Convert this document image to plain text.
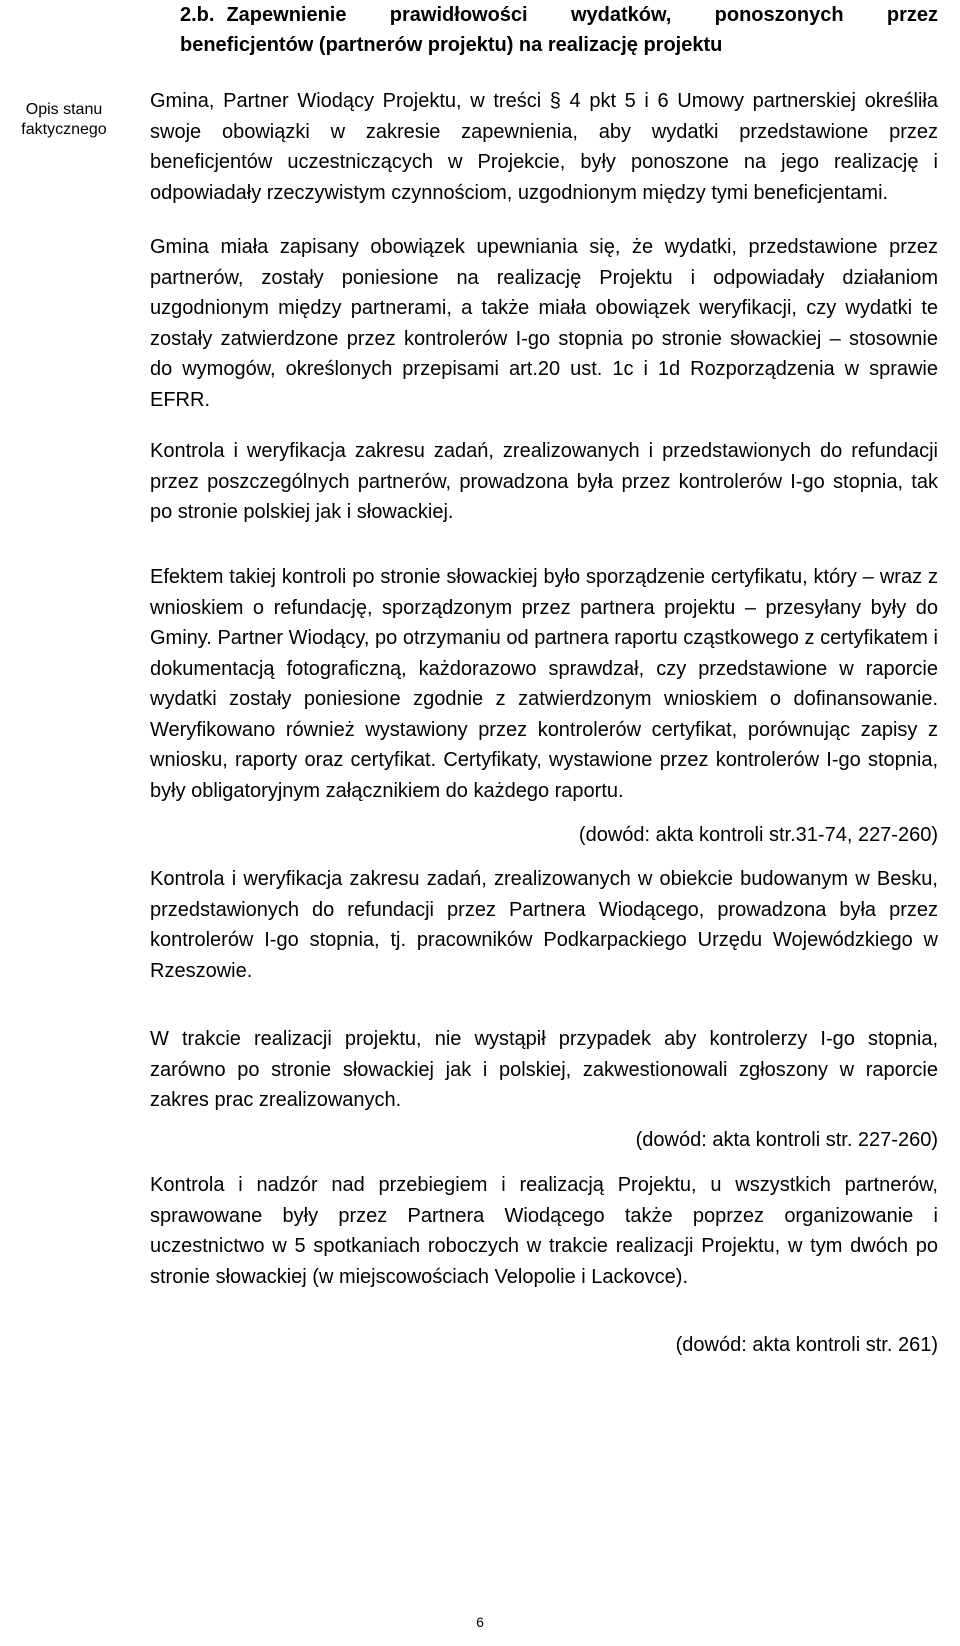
2.b. Zapewnienie prawidłowości wydatków, ponoszonych przez
beneficjentów (partnerów projektu) na realizację projektu
Opis stanu
faktycznego

Gmina, Partner Wiodący Projektu, w treści § 4 pkt 5 i 6 Umowy partnerskiej określiła swoje obowiązki w zakresie zapewnienia, aby wydatki przedstawione przez beneficjentów uczestniczących w Projekcie, były ponoszone na jego realizację i odpowiadały rzeczywistym czynnościom, uzgodnionym między tymi beneficjentami.

Gmina miała zapisany obowiązek upewniania się, że wydatki, przedstawione przez partnerów, zostały poniesione na realizację Projektu i odpowiadały działaniom uzgodnionym między partnerami, a także miała obowiązek weryfikacji, czy wydatki te zostały zatwierdzone przez kontrolerów I-go stopnia po stronie słowackiej – stosownie do wymogów, określonych przepisami art.20 ust. 1c i 1d Rozporządzenia w sprawie EFRR.

Kontrola i weryfikacja zakresu zadań, zrealizowanych i przedstawionych do refundacji przez poszczególnych partnerów, prowadzona była przez kontrolerów I-go stopnia, tak po stronie polskiej jak i słowackiej.

Efektem takiej kontroli po stronie słowackiej było sporządzenie certyfikatu, który – wraz z wnioskiem o refundację, sporządzonym przez partnera projektu – przesyłany były do Gminy. Partner Wiodący, po otrzymaniu od partnera raportu cząstkowego z certyfikatem i dokumentacją fotograficzną, każdorazowo sprawdzał, czy przedstawione w raporcie wydatki zostały poniesione zgodnie z zatwierdzonym wnioskiem o dofinansowanie. Weryfikowano również wystawiony przez kontrolerów certyfikat, porównując zapisy z wniosku, raporty oraz certyfikat. Certyfikaty, wystawione przez kontrolerów I-go stopnia, były obligatoryjnym załącznikiem do każdego raportu.

(dowód: akta kontroli str.31-74, 227-260)

Kontrola i weryfikacja zakresu zadań, zrealizowanych w obiekcie budowanym w Besku, przedstawionych do refundacji przez Partnera Wiodącego, prowadzona była przez kontrolerów I-go stopnia, tj. pracowników Podkarpackiego Urzędu Wojewódzkiego w Rzeszowie.

W trakcie realizacji projektu, nie wystąpił przypadek aby kontrolerzy I-go stopnia, zarówno po stronie słowackiej jak i polskiej, zakwestionowali zgłoszony w raporcie zakres prac zrealizowanych.

(dowód: akta kontroli str. 227-260)

Kontrola i nadzór nad przebiegiem i realizacją Projektu, u wszystkich partnerów, sprawowane były przez Partnera Wiodącego także poprzez organizowanie i uczestnictwo w 5 spotkaniach roboczych w trakcie realizacji Projektu, w tym dwóch po stronie słowackiej (w miejscowościach Velopolie i Lackovce).

(dowód: akta kontroli str. 261)
6
